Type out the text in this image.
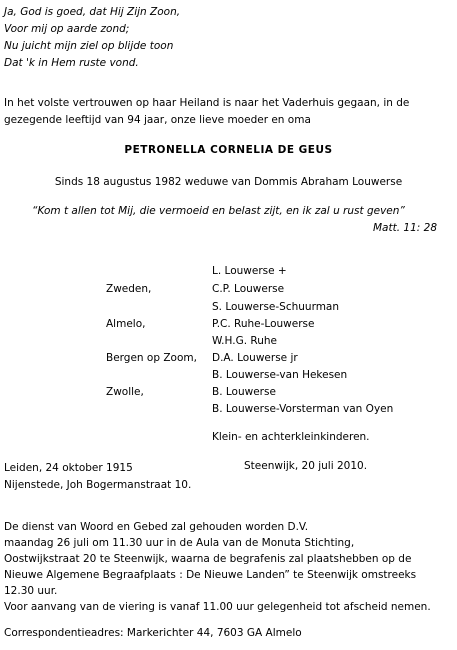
Ja, God is goed, dat Hij Zijn Zoon,
Voor mij op aarde zond;
Nu juicht mijn ziel op blijde toon
Dat 'k in Hem ruste vond.
In het volste vertrouwen op haar Heiland is naar het Vaderhuis gegaan, in de
gezegende leeftijd van 94 jaar, onze lieve moeder en oma
PETRONELLA CORNELIA DE GEUS
Sinds 18 augustus 1982 weduwe van Dommis Abraham Louwerse
“Kom t allen tot Mij, die vermoeid en belast zijt, en ik zal u rust geven”
Matt. 11: 28
L. Louwerse +
Zweden,	C.P. Louwerse
S. Louwerse-Schuurman
Almelo,	P.C. Ruhe-Louwerse
W.H.G. Ruhe
Bergen op Zoom, D.A. Louwerse jr
B. Louwerse-van Hekesen
Zwolle,	B. Louwerse
B. Louwerse-Vorsterman van Oyen
Klein- en achterkleinkinderen.
Leiden, 24 oktober 1915
Nijenstede, Joh Bogermanstraat 10.
Steenwijk, 20 juli 2010.
De dienst van Woord en Gebed zal gehouden worden D.V.
maandag 26 juli om 11.30 uur in de Aula van de Monuta Stichting,
Oostwijkstraat 20 te Steenwijk, waarna de begrafenis zal plaatshebben op de
Nieuwe Algemene Begraafplaats : De Nieuwe Landen” te Steenwijk omstreeks
12.30 uur.
Voor aanvang van de viering is vanaf 11.00 uur gelegenheid tot afscheid nemen.
Correspondentieadres: Markerichter 44, 7603 GA Almelo
